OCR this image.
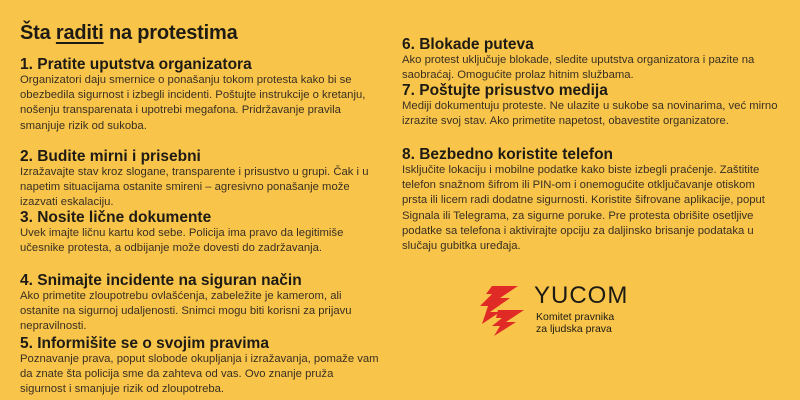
Šta raditi na protestima

1. Pratite uputstva organizatora

Organizatori daju smernice o ponašanju tokom protesta kako bi se obezbedila sigurnost i izbegli incidenti. Poštujte instrukcije o kretanju, nošenju transparenata i upotrebi megafona. Pridržavanje pravila smanjuje rizik od sukoba.

2. Budite mirni i prisebni

Izražavajte stav kroz slogane, transparente i prisustvo u grupi. Čak i u napetim situacijama ostanite smireni – agresivno ponašanje može izazvati eskalaciju.

3. Nosite lične dokumente

Uvek imajte ličnu kartu kod sebe. Policija ima pravo da legitimiše učesnike protesta, a odbijanje može dovesti do zadržavanja.

4. Snimajte incidente na siguran način

Ako primetite zloupotrebu ovlašćenja, zabeležite je kamerom, ali ostanite na sigurnoj udaljenosti. Snimci mogu biti korisni za prijavu nepravilnosti.

5. Informišite se o svojim pravima

Poznavanje prava, poput slobode okupljanja i izražavanja, pomaže vam da znate šta policija sme da zahteva od vas. Ovo znanje pruža sigurnost i smanjuje rizik od zloupotreba.

6. Blokade puteva

Ako protest uključuje blokade, sledite uputstva organizatora i pazite na saobraćaj. Omogućite prolaz hitnim službama.

7. Poštujte prisustvo medija

Mediji dokumentuju proteste. Ne ulazite u sukobe sa novinarima, već mirno izrazite svoj stav. Ako primetite napetost, obavestite organizatore.

8. Bezbedno koristite telefon

Isključite lokaciju i mobilne podatke kako biste izbegli praćenje. Zaštitite telefon snažnom šifrom ili PIN-om i onemogućite otključavanje otiskom prsta ili licem radi dodatne sigurnosti. Koristite šifrovane aplikacije, poput Signala ili Telegrama, za sigurne poruke. Pre protesta obrišite osetljive podatke sa telefona i aktivirajte opciju za daljinsko brisanje podataka u slučaju gubitka uređaja.

YUCOM
Komitet pravnika
za ljudska prava
